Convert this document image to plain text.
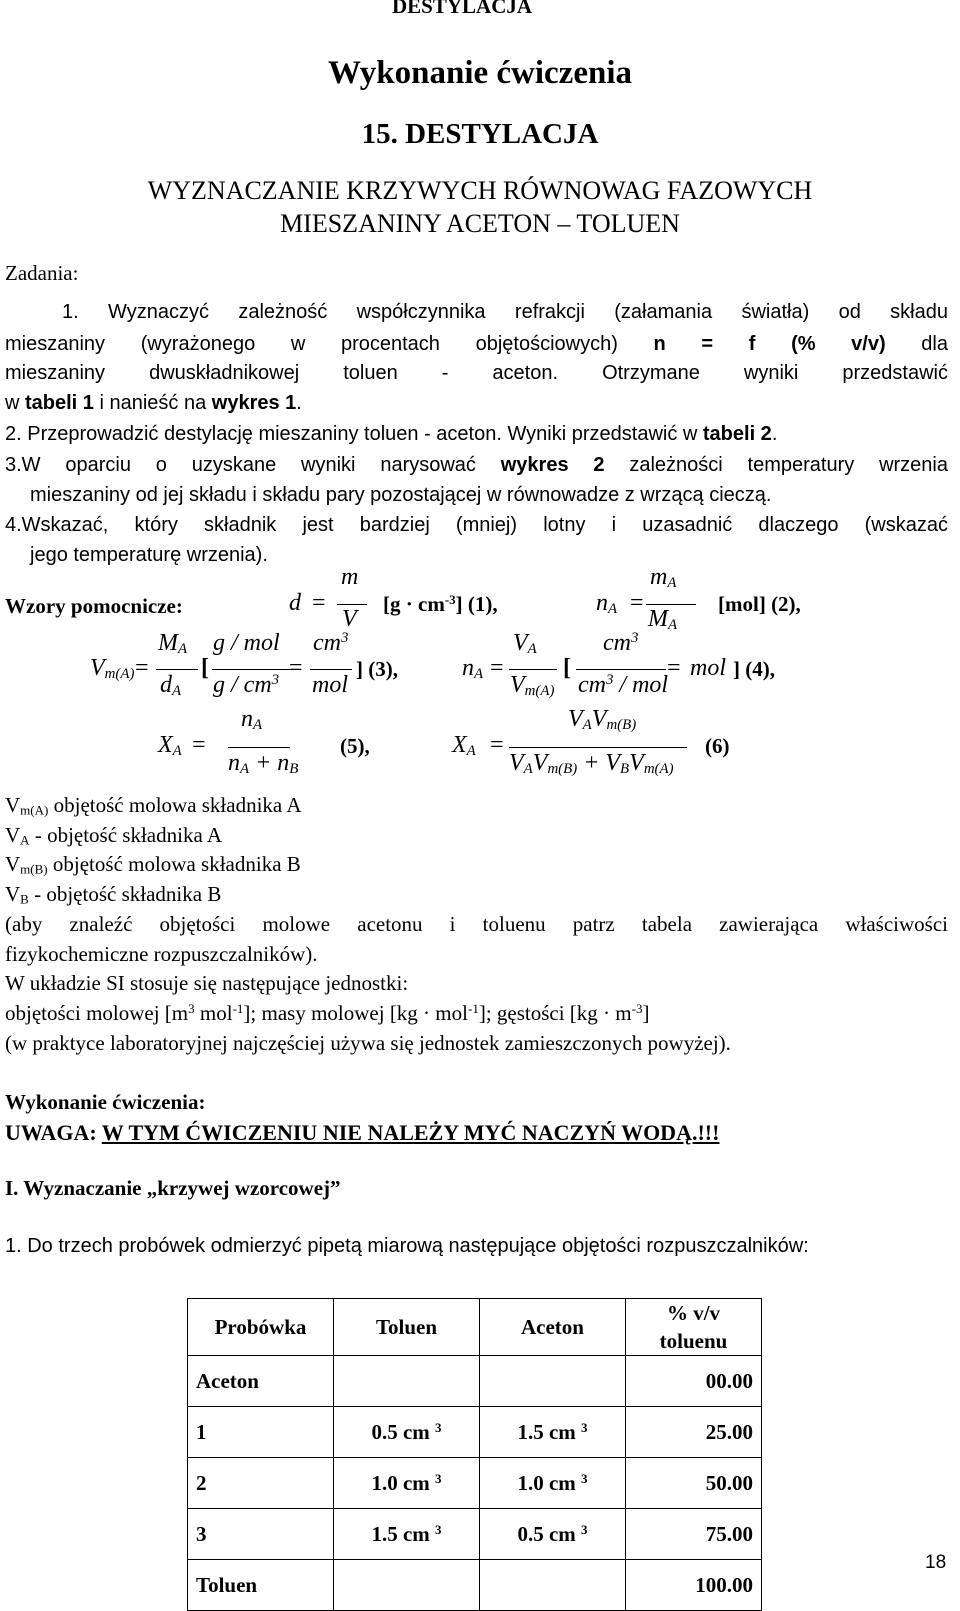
DESTYLACJA
Wykonanie ćwiczenia
15. DESTYLACJA
WYZNACZANIE KRZYWYCH RÓWNOWAG FAZOWYCH
MIESZANINY ACETON – TOLUEN
Zadania:
1. Wyznaczyć zależność współczynnika refrakcji (załamania światła) od składu
mieszaniny (wyrażonego w procentach objętościowych) n = f (% v/v) dla
mieszaniny dwuskładnikowej toluen - aceton. Otrzymane wyniki przedstawić
w tabeli 1 i nanieść na wykres 1.
2. Przeprowadzić destylację mieszaniny toluen - aceton. Wyniki przedstawić w tabeli 2.
3.W oparciu o uzyskane wyniki narysować wykres 2 zależności temperatury wrzenia
mieszaniny od jej składu i składu pary pozostającej w równowadze z wrzącą cieczą.
4.Wskazać, który składnik jest bardziej (mniej) lotny i uzasadnić dlaczego (wskazać
jego temperaturę wrzenia).
Wzory pomocnicze:	d =
m
V
$[g \cdot cm^{-3}]$ (1),	$n_A$ =
$m_A$
$M_A$
[mol] (2),
$V_{m(A)}$ =
$M_A$
$d_A$
[
g / mol
g / $cm^3$ =
$cm^3$
mol
] (3),	$n_A$ =
$V_A$
$V_{m(A)}$
[
$cm^3$
$cm^3$ / mol
= mol ] (4),
$X_A$ =
$n_A$
$n_A + n_B$
(5),	$X_A$ =
$V_AV_{m(B)}$
$V_AV_{m(B)} + V_BV_{m(A)}$
(6)
$V_{m(A)}$ objętość molowa składnika A
$V_A$ - objętość składnika A
$V_{m(B)}$ objętość molowa składnika B
$V_B$ - objętość składnika B
(aby znaleźć objętości molowe acetonu i toluenu patrz tabela zawierająca właściwości
fizykochemiczne rozpuszczalników).
W układzie SI stosuje się następujące jednostki:
objętości molowej [$m^3$ mol$^{-1}$]; masy molowej [kg · mol$^{-1}$]; gęstości $[kg \cdot m^{-3}]$
(w praktyce laboratoryjnej najczęściej używa się jednostek zamieszczonych powyżej).
Wykonanie ćwiczenia:
UWAGA: W TYM ĆWICZENIU NIE NALEŻY MYĆ NACZYŃ WODĄ.!!!
I. Wyznaczanie „krzywej wzorcowej”
1. Do trzech probówek odmierzyć pipetą miarową następujące objętości rozpuszczalników:
Probówka	Toluen	Aceton	% v/v
toluenu
Aceton			00.00
1	0.5 cm $^3$	1.5 cm $^3$	25.00
2	1.0 cm $^3$	1.0 cm $^3$	50.00
3	1.5 cm $^3$	0.5 cm $^3$	75.00
Toluen			100.00
18
